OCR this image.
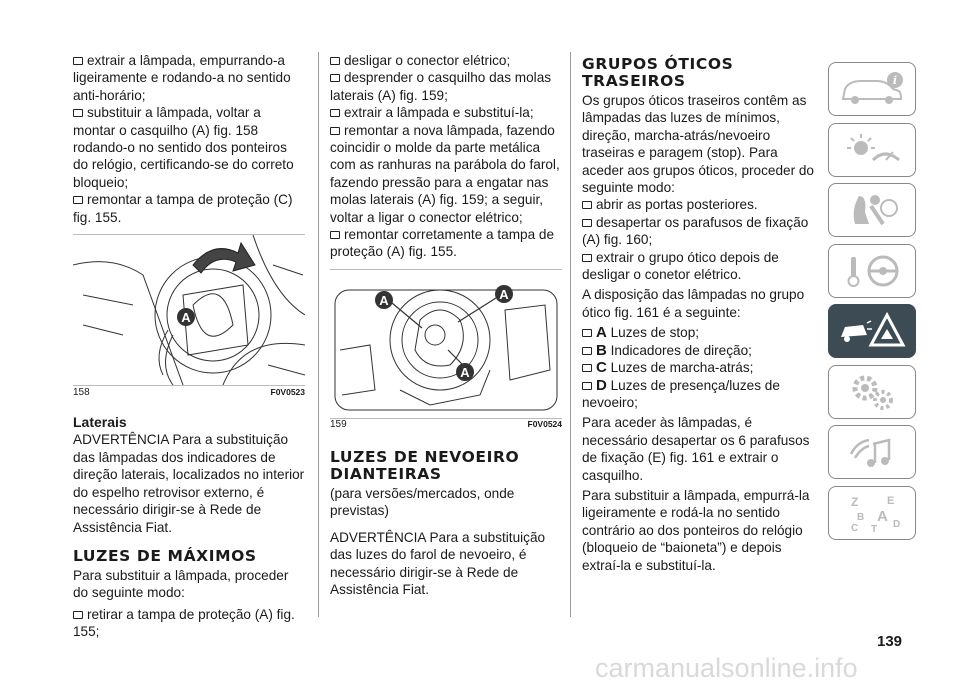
extrair a lâmpada, empurrando-a ligeiramente e rodando-a no sentido anti-horário;

substituir a lâmpada, voltar a montar o casquilho (A) fig. 158 rodando-o no sentido dos ponteiros do relógio, certificando-se do correto bloqueio;

remontar a tampa de proteção (C) fig. 155.

A
158	F0V0523

Laterais

ADVERTÊNCIA Para a substituição das lâmpadas dos indicadores de direção laterais, localizados no interior do espelho retrovisor externo, é necessário dirigir-se à Rede de Assistência Fiat.

LUZES DE MÁXIMOS

Para substituir a lâmpada, proceder do seguinte modo:

retirar a tampa de proteção (A) fig. 155;

desligar o conector elétrico;

desprender o casquilho das molas laterais (A) fig. 159;

extrair a lâmpada e substituí-la;

remontar a nova lâmpada, fazendo coincidir o molde da parte metálica com as ranhuras na parábola do farol, fazendo pressão para a engatar nas molas laterais (A) fig. 159; a seguir, voltar a ligar o conector elétrico;

remontar corretamente a tampa de proteção (A) fig. 155.

A	A
A
159	F0V0524

LUZES DE NEVOEIRO DIANTEIRAS

(para versões/mercados, onde previstas)

ADVERTÊNCIA Para a substituição das luzes do farol de nevoeiro, é necessário dirigir-se à Rede de Assistência Fiat.

GRUPOS ÓTICOS TRASEIROS

Os grupos óticos traseiros contêm as lâmpadas das luzes de mínimos, direção, marcha-atrás/nevoeiro traseiras e paragem (stop). Para aceder aos grupos óticos, proceder do seguinte modo:

abrir as portas posteriores.

desapertar os parafusos de fixação (A) fig. 160;

extrair o grupo ótico depois de desligar o conetor elétrico.

A disposição das lâmpadas no grupo ótico fig. 161 é a seguinte:

A Luzes de stop;

B Indicadores de direção;

C Luzes de marcha-atrás;

D Luzes de presença/luzes de nevoeiro;

Para aceder às lâmpadas, é necessário desapertar os 6 parafusos de fixação (E) fig. 161 e extrair o casquilho.

Para substituir a lâmpada, empurrá-la ligeiramente e rodá-la no sentido contrário ao dos ponteiros do relógio (bloqueio de “baioneta”) e depois extraí-la e substituí-la.

i
Z	E
B A
C	D
T
139
carmanualsonline.info
